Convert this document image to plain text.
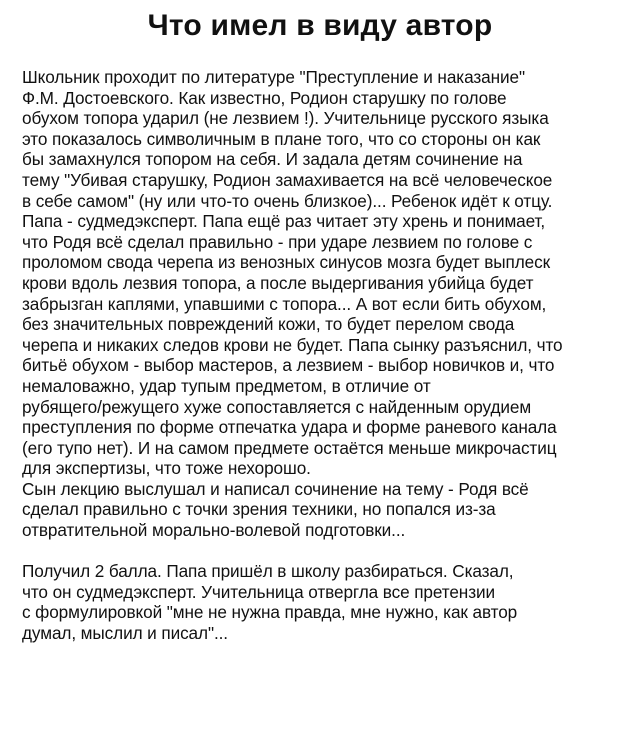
Что имел в виду автор
Школьник проходит по литературе "Преступление и наказание"
Ф.М. Достоевского. Как известно, Родион старушку по голове
обухом топора ударил (не лезвием !). Учительнице русского языка
это показалось символичным в плане того, что со стороны он как
бы замахнулся топором на себя. И задала детям сочинение на
тему "Убивая старушку, Родион замахивается на всё человеческое
в себе самом" (ну или что-то очень близкое)... Ребенок идёт к отцу.
Папа - судмедэксперт. Папа ещё раз читает эту хрень и понимает,
что Родя всё сделал правильно - при ударе лезвием по голове с
проломом свода черепа из венозных синусов мозга будет выплеск
крови вдоль лезвия топора, а после выдергивания убийца будет
забрызган каплями, упавшими с топора... А вот если бить обухом,
без значительных повреждений кожи, то будет перелом свода
черепа и никаких следов крови не будет. Папа сынку разъяснил, что
битьё обухом - выбор мастеров, а лезвием - выбор новичков и, что
немаловажно, удар тупым предметом, в отличие от
рубящего/режущего хуже сопоставляется с найденным орудием
преступления по форме отпечатка удара и форме раневого канала
(его тупо нет). И на самом предмете остаётся меньше микрочастиц
для экспертизы, что тоже нехорошо.
Сын лекцию выслушал и написал сочинение на тему - Родя всё
сделал правильно с точки зрения техники, но попался из-за
отвратительной морально-волевой подготовки...
Получил 2 балла. Папа пришёл в школу разбираться. Сказал,
что он судмедэксперт. Учительница отвергла все претензии
с формулировкой "мне не нужна правда, мне нужно, как автор
думал, мыслил и писал"...
